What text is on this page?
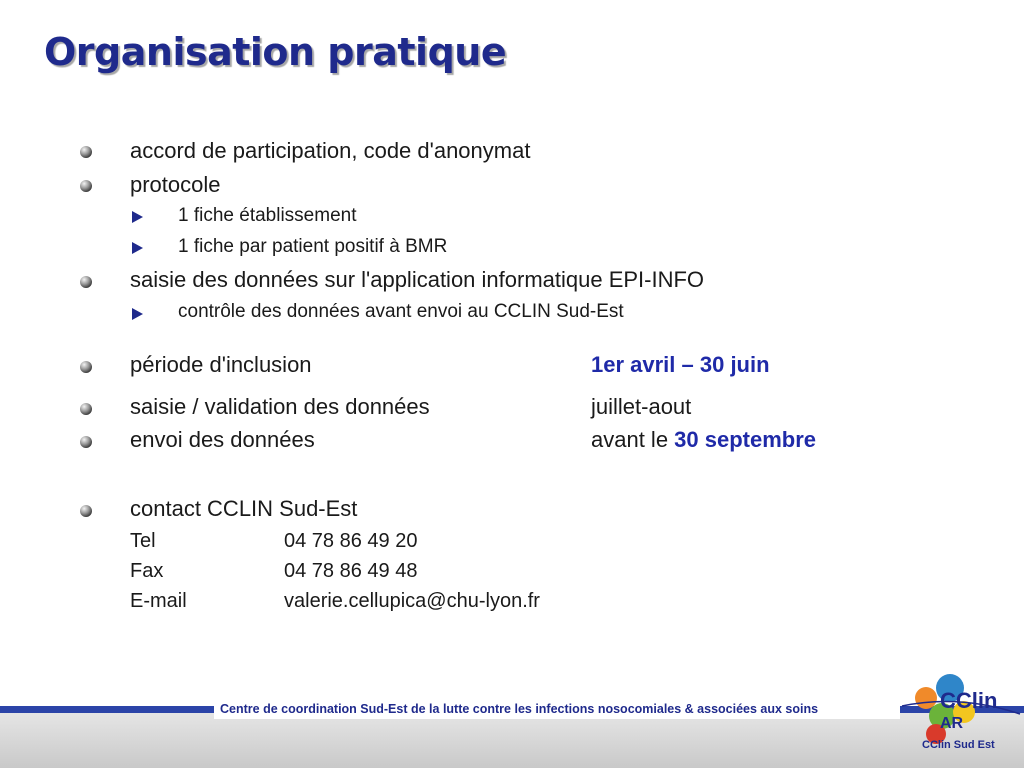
Organisation pratique
accord de participation, code d'anonymat
protocole
1 fiche établissement
1 fiche par patient positif à BMR
saisie des données sur l'application informatique EPI-INFO
contrôle des données avant envoi au CCLIN Sud-Est
période d'inclusion	1er avril – 30 juin
saisie / validation des données	juillet-aout
envoi des données	avant le 30 septembre
contact CCLIN Sud-Est
Tel	04 78 86 49 20
Fax	04 78 86 49 48
E-mail	valerie.cellupica@chu-lyon.fr
Centre de coordination Sud-Est de la lutte contre les infections nosocomiales & associées aux soins	CClin
AR
CClin Sud Est
